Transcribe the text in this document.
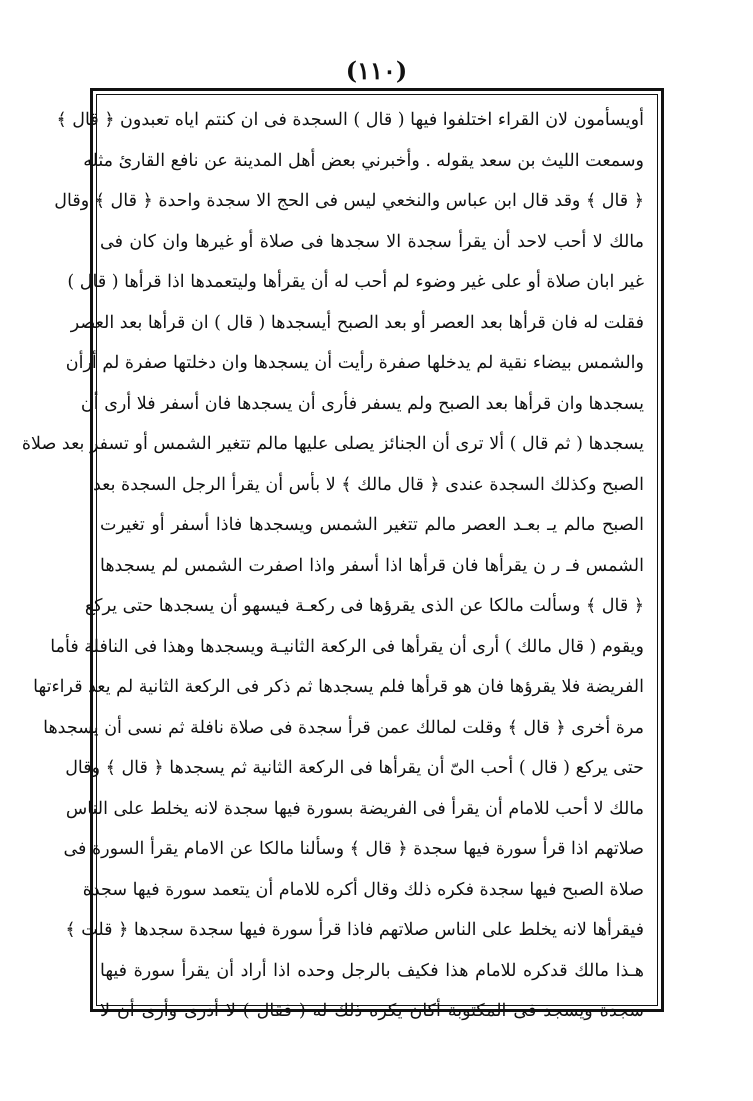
(١١٠)
أويسأمون لان القراء اختلفوا فيها ( قال ) السجدة فى ان كنتم اياه تعبدون ﴿ قال ﴾
وسمعت الليث بن سعد يقوله . وأخبرني بعض أهل المدينة عن نافع القارئ مثله
﴿ قال ﴾ وقد قال ابن عباس والنخعي ليس فى الحج الا سجدة واحدة ﴿ قال ﴾ وقال
مالك لا أحب لاحد أن يقرأ سجدة الا سجدها فى صلاة أو غيرها وان كان فى
غير ابان صلاة أو على غير وضوء لم أحب له أن يقرأها وليتعمدها اذا قرأها ( قال )
فقلت له فان قرأها بعد العصر أو بعد الصبح أيسجدها ( قال ) ان قرأها بعد العصر
والشمس بيضاء نقية لم يدخلها صفرة رأيت أن يسجدها وان دخلتها صفرة لم أرأن
يسجدها وان قرأها بعد الصبح ولم يسفر فأرى أن يسجدها فان أسفر فلا أرى أن
يسجدها ( ثم قال ) ألا ترى أن الجنائز يصلى عليها مالم تتغير الشمس أو تسفر بعد صلاة
الصبح وكذلك السجدة عندى ﴿ قال مالك ﴾ لا بأس أن يقرأ الرجل السجدة بعد
الصبح مالم يـ بعـد العصر مالم تتغير الشمس ويسجدها فاذا أسفر أو تغيرت
الشمس فـ ر ن يقرأها فان قرأها اذا أسفر واذا اصفرت الشمس لم يسجدها
﴿ قال ﴾ وسألت مالكا عن الذى يقرؤها فى ركعـة فيسهو أن يسجدها حتى يركع
ويقوم ( قال مالك ) أرى أن يقرأها فى الركعة الثانيـة ويسجدها وهذا فى النافلة فأما
الفريضة فلا يقرؤها فان هو قرأها فلم يسجدها ثم ذكر فى الركعة الثانية لم يعد قراءتها
مرة أخرى ﴿ قال ﴾ وقلت لمالك عمن قرأ سجدة فى صلاة نافلة ثم نسى أن يسجدها
حتى يركع ( قال ) أحب الىّ أن يقرأها فى الركعة الثانية ثم يسجدها ﴿ قال ﴾ وقال
مالك لا أحب للامام أن يقرأ فى الفريضة بسورة فيها سجدة لانه يخلط على الناس
صلاتهم اذا قرأ سورة فيها سجدة ﴿ قال ﴾ وسألنا مالكا عن الامام يقرأ السورة فى
صلاة الصبح فيها سجدة فكره ذلك وقال أكره للامام أن يتعمد سورة فيها سجدة
فيقرأها لانه يخلط على الناس صلاتهم فاذا قرأ سورة فيها سجدة سجدها ﴿ قلت ﴾
هـذا مالك قدكره للامام هذا فكيف بالرجل وحده اذا أراد أن يقرأ سورة فيها
سجدة ويسجد فى المكتوبة أكان يكره ذلك له ( فقال ) لا أدرى وأرى أن لا
